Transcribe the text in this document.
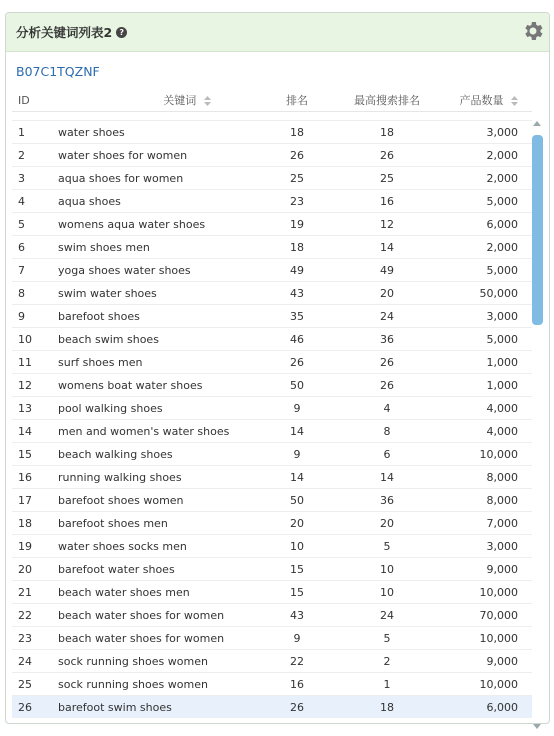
分析关键词列表2 ?
B07C1TQZNF
ID	关键词	排名	最高搜索排名	产品数量
1	water shoes	18	18	3,000
2	water shoes for women	26	26	2,000
3	aqua shoes for women	25	25	2,000
4	aqua shoes	23	16	5,000
5	womens aqua water shoes	19	12	6,000
6	swim shoes men	18	14	2,000
7	yoga shoes water shoes	49	49	5,000
8	swim water shoes	43	20	50,000
9	barefoot shoes	35	24	3,000
10	beach swim shoes	46	36	5,000
11	surf shoes men	26	26	1,000
12	womens boat water shoes	50	26	1,000
13	pool walking shoes	9	4	4,000
14	men and women's water shoes	14	8	4,000
15	beach walking shoes	9	6	10,000
16	running walking shoes	14	14	8,000
17	barefoot shoes women	50	36	8,000
18	barefoot shoes men	20	20	7,000
19	water shoes socks men	10	5	3,000
20	barefoot water shoes	15	10	9,000
21	beach water shoes men	15	10	10,000
22	beach water shoes for women	43	24	70,000
23	beach water shoes for women	9	5	10,000
24	sock running shoes women	22	2	9,000
25	sock running shoes women	16	1	10,000
26	barefoot swim shoes	26	18	6,000
